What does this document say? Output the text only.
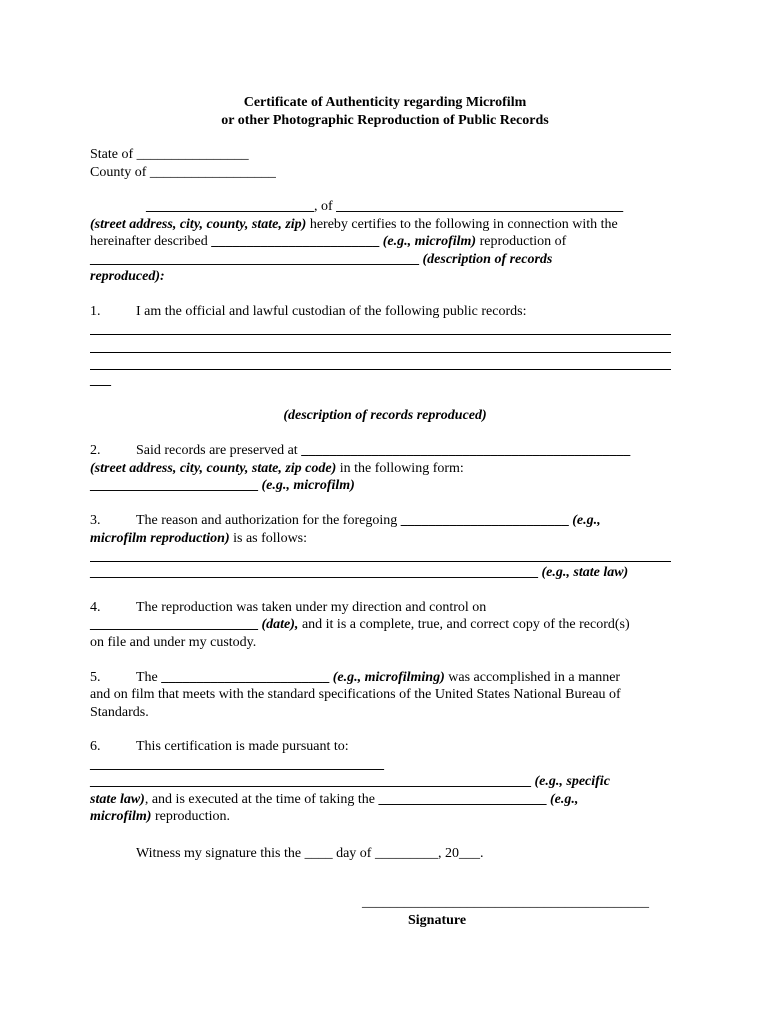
Certificate of Authenticity regarding Microfilm
or other Photographic Reproduction of Public Records
State of ________________
County of __________________
________________________, of _________________________________________
(street address, city, county, state, zip) hereby certifies to the following in connection with the
hereinafter described ________________________ (e.g., microfilm) reproduction of
_______________________________________________ (description of records
reproduced):
1.	I am the official and lawful custodian of the following public records:
___
(description of records reproduced)
2.	Said records are preserved at _______________________________________________
(street address, city, county, state, zip code) in the following form:
________________________ (e.g., microfilm)
3.	The reason and authorization for the foregoing ________________________ (e.g.,
microfilm reproduction) is as follows:
________________________________________________________________ (e.g., state law)
4.	The reproduction was taken under my direction and control on
________________________ (date), and it is a complete, true, and correct copy of the record(s)
on file and under my custody.
5.	The ________________________ (e.g., microfilming) was accomplished in a manner
and on film that meets with the standard specifications of the United States National Bureau of
Standards.
6.	This certification is made pursuant to:
__________________________________________
_______________________________________________________________ (e.g., specific
state law), and is executed at the time of taking the ________________________ (e.g.,
microfilm) reproduction.
Witness my signature this the ____ day of _________, 20___.
_________________________________________
Signature
